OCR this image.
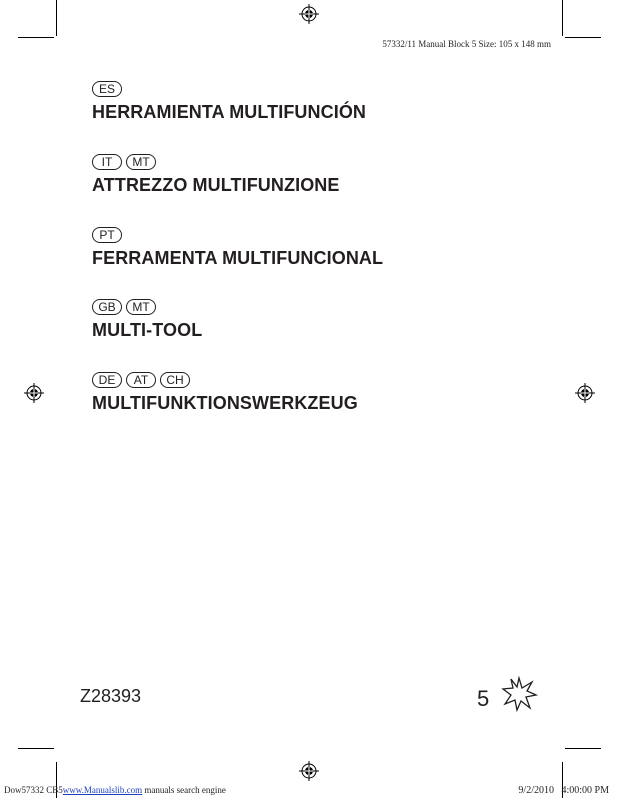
57332/11 Manual Block 5 Size: 105 x 148 mm
ES
HERRAMIENTA MULTIFUNCIÓN
IT	MT
ATTREZZO MULTIFUNZIONE
PT
FERRAMENTA MULTIFUNCIONAL
GB	MT
MULTI-TOOL
DE	AT	CH
MULTIFUNKTIONSWERKZEUG
Z28393	5
Dow57332 CB5www.Manualslib.com manuals search engine	9/2/2010 4:00:00 PM
